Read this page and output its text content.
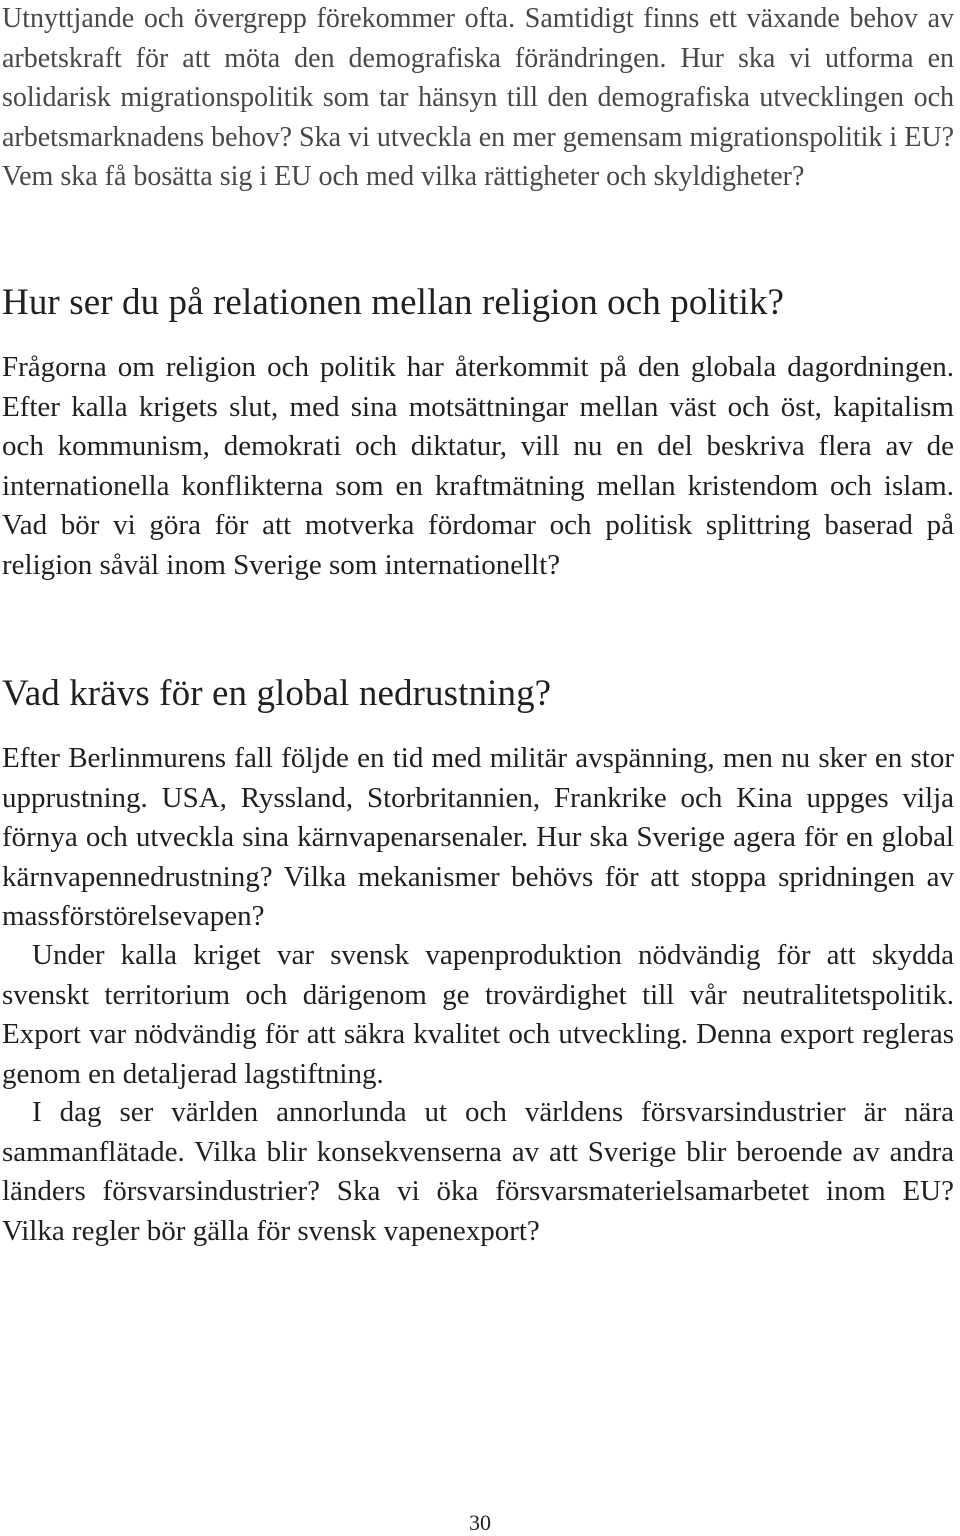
Utnyttjande och övergrepp förekommer ofta. Samtidigt finns ett växande behov av arbetskraft för att möta den demografiska förändringen. Hur ska vi utforma en solidarisk migrationspolitik som tar hänsyn till den demografiska utvecklingen och arbetsmarknadens behov? Ska vi utveckla en mer gemensam migrationspolitik i EU? Vem ska få bosätta sig i EU och med vilka rättigheter och skyldigheter?

Hur ser du på relationen mellan religion och politik?

Frågorna om religion och politik har återkommit på den globala dagordningen. Efter kalla krigets slut, med sina motsättningar mellan väst och öst, kapitalism och kommunism, demokrati och diktatur, vill nu en del beskriva flera av de internationella konflikterna som en kraftmätning mellan kristendom och islam. Vad bör vi göra för att motverka fördomar och politisk splittring baserad på religion såväl inom Sverige som internationellt?

Vad krävs för en global nedrustning?

Efter Berlinmurens fall följde en tid med militär avspänning, men nu sker en stor upprustning. USA, Ryssland, Storbritannien, Frankrike och Kina uppges vilja förnya och utveckla sina kärnvapenarsenaler. Hur ska Sverige agera för en global kärnvapennedrustning? Vilka mekanismer behövs för att stoppa spridningen av massförstörelsevapen?

Under kalla kriget var svensk vapenproduktion nödvändig för att skydda svenskt territorium och därigenom ge trovärdighet till vår neutralitetspolitik. Export var nödvändig för att säkra kvalitet och utveckling. Denna export regleras genom en detaljerad lagstiftning.

I dag ser världen annorlunda ut och världens försvarsindustrier är nära sammanflätade. Vilka blir konsekvenserna av att Sverige blir beroende av andra länders försvarsindustrier? Ska vi öka försvarsmaterielsamarbetet inom EU? Vilka regler bör gälla för svensk vapenexport?

30
